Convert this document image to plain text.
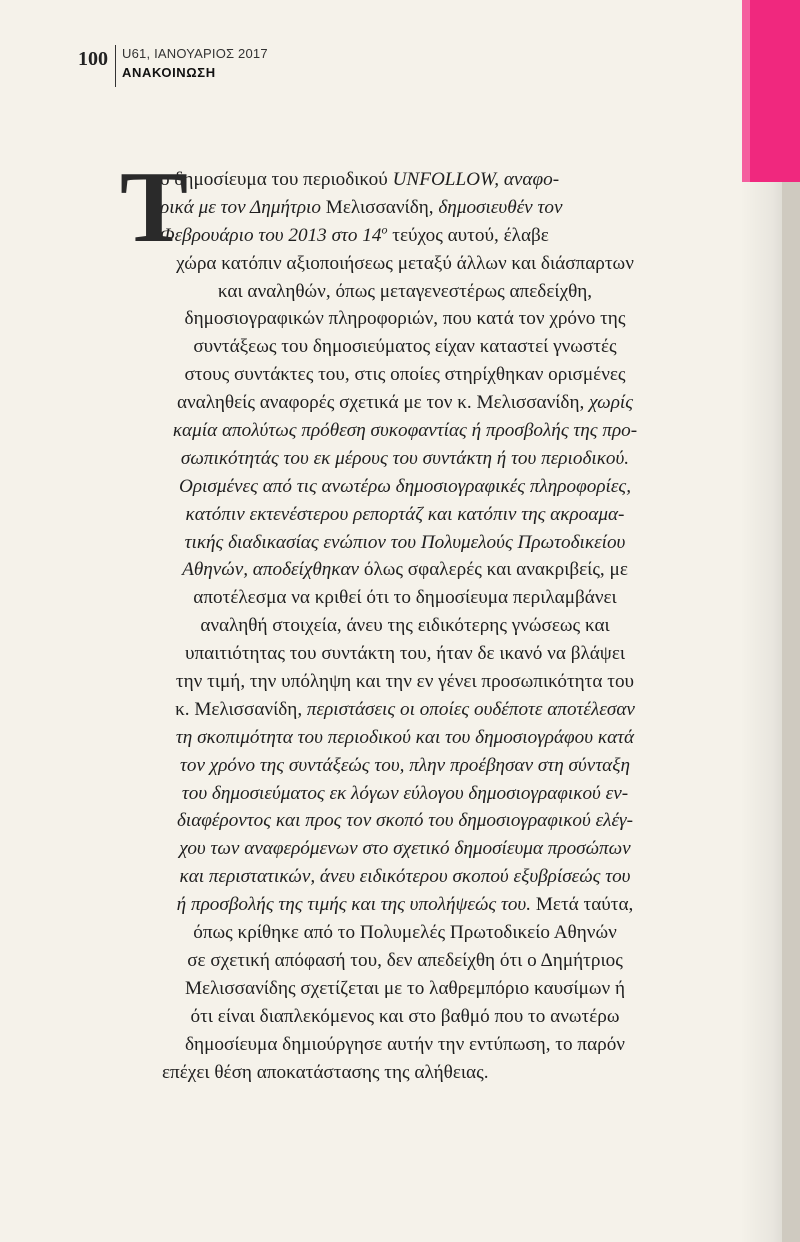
100	U61, ΙΑΝΟΥΑΡΙΟΣ 2017
ΑΝΑΚΟΙΝΩΣΗ
Τ
ο δημοσίευμα του περιοδικού UNFOLLOW, αναφο-
ρικά με τον Δημήτριο Μελισσανίδη, δημοσιευθέν τον
Φεβρουάριο του 2013 στο $14^o$ τεύχος αυτού, έλαβε
χώρα κατόπιν αξιοποιήσεως μεταξύ άλλων και διάσπαρτων
και αναληθών, όπως μεταγενεστέρως απεδείχθη,
δημοσιογραφικών πληροφοριών, που κατά τον χρόνο της
συντάξεως του δημοσιεύματος είχαν καταστεί γνωστές
στους συντάκτες του, στις οποίες στηρίχθηκαν ορισμένες
αναληθείς αναφορές σχετικά με τον κ. Μελισσανίδη, χωρίς
καμία απολύτως πρόθεση συκοφαντίας ή προσβολής της προ-
σωπικότητάς του εκ μέρους του συντάκτη ή του περιοδικού.
Ορισμένες από τις ανωτέρω δημοσιογραφικές πληροφορίες,
κατόπιν εκτενέστερου ρεπορτάζ και κατόπιν της ακροαμα-
τικής διαδικασίας ενώπιον του Πολυμελούς Πρωτοδικείου
Αθηνών, αποδείχθηκαν όλως σφαλερές και ανακριβείς, με
αποτέλεσμα να κριθεί ότι το δημοσίευμα περιλαμβάνει
αναληθή στοιχεία, άνευ της ειδικότερης γνώσεως και
υπαιτιότητας του συντάκτη του, ήταν δε ικανό να βλάψει
την τιμή, την υπόληψη και την εν γένει προσωπικότητα του
κ. Μελισσανίδη, περιστάσεις οι οποίες ουδέποτε αποτέλεσαν
τη σκοπιμότητα του περιοδικού και του δημοσιογράφου κατά
τον χρόνο της συντάξεώς του, πλην προέβησαν στη σύνταξη
του δημοσιεύματος εκ λόγων εύλογου δημοσιογραφικού εν-
διαφέροντος και προς τον σκοπό του δημοσιογραφικού ελέγ-
χου των αναφερόμενων στο σχετικό δημοσίευμα προσώπων
και περιστατικών, άνευ ειδικότερου σκοπού εξυβρίσεώς του
ή προσβολής της τιμής και της υπολήψεώς του. Μετά ταύτα,
όπως κρίθηκε από το Πολυμελές Πρωτοδικείο Αθηνών
σε σχετική απόφασή του, δεν απεδείχθη ότι ο Δημήτριος
Μελισσανίδης σχετίζεται με το λαθρεμπόριο καυσίμων ή
ότι είναι διαπλεκόμενος και στο βαθμό που το ανωτέρω
δημοσίευμα δημιούργησε αυτήν την εντύπωση, το παρόν
επέχει θέση αποκατάστασης της αλήθειας.
